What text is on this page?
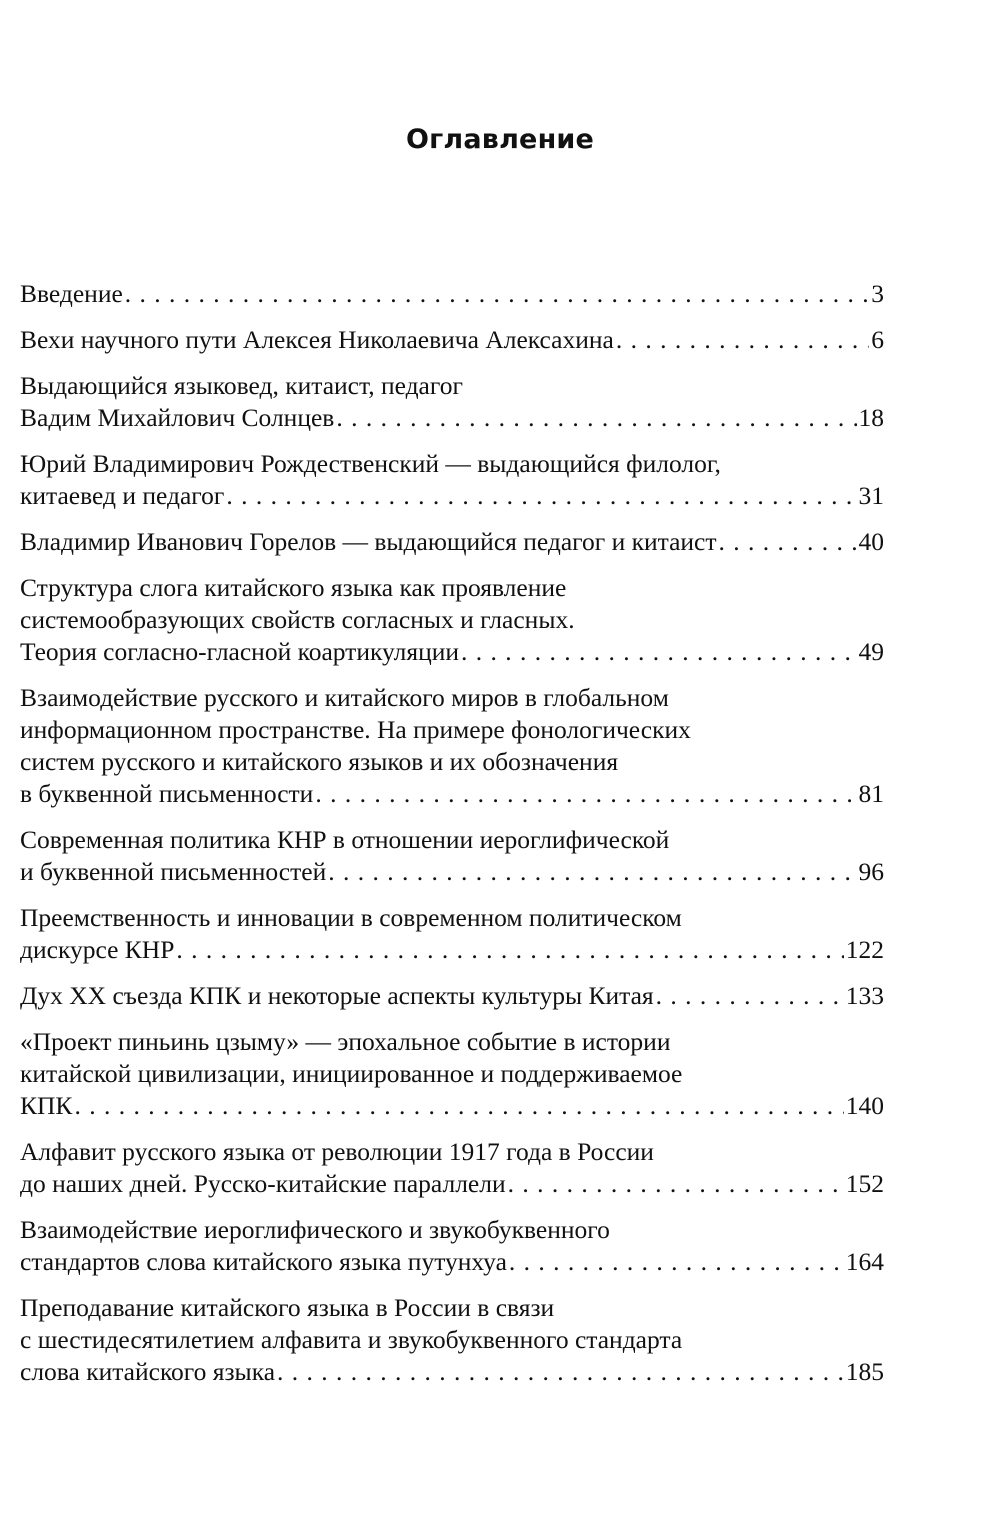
Оглавление
Введение . . .	3
Вехи научного пути Алексея Николаевича Алексахина . . .	6
Выдающийся языковед, китаист, педагог
Вадим Михайлович Солнцев . . .	18
Юрий Владимирович Рождественский — выдающийся филолог,
китаевед и педагог . . .	31
Владимир Иванович Горелов — выдающийся педагог и китаист . . .	40
Структура слога китайского языка как проявление
системообразующих свойств согласных и гласных.
Теория согласно-гласной коартикуляции . . .	49
Взаимодействие русского и китайского миров в глобальном
информационном пространстве. На примере фонологических
систем русского и китайского языков и их обозначения
в буквенной письменности . . .	81
Современная политика КНР в отношении иероглифической
и буквенной письменностей . . .	96
Преемственность и инновации в современном политическом
дискурсе КНР . . .	122
Дух XX съезда КПК и некоторые аспекты культуры Китая . . .	133
«Проект пиньинь цзыму» — эпохальное событие в истории
китайской цивилизации, инициированное и поддерживаемое
КПК . . .	140
Алфавит русского языка от революции 1917 года в России
до наших дней. Русско-китайские параллели . . .	152
Взаимодействие иероглифического и звукобуквенного
стандартов слова китайского языка путунхуа . . .	164
Преподавание китайского языка в России в связи
с шестидесятилетием алфавита и звукобуквенного стандарта
слова китайского языка . . .	185
